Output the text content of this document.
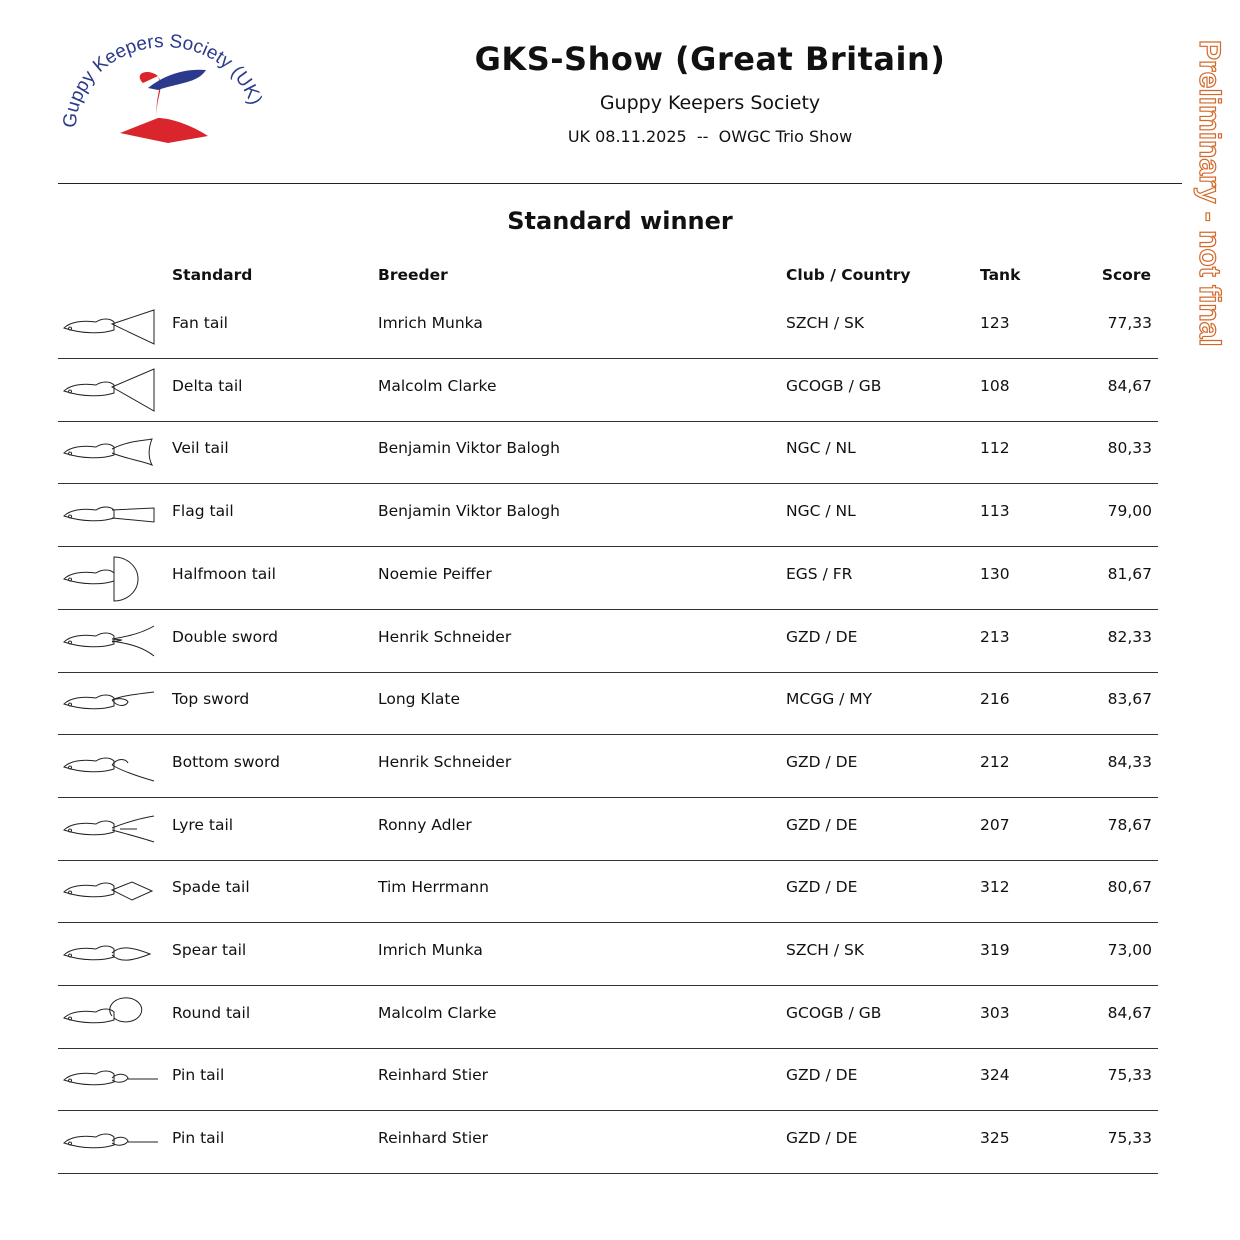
Guppy Keepers Society (UK)
GKS-Show (Great Britain)
Guppy Keepers Society
UK 08.11.2025  --  OWGC Trio Show	Preliminary - not final
Standard winner
Standard	Breeder	Club / Country	Tank	Score
Fan tail	Imrich Munka	SZCH / SK	123	77,33
Delta tail	Malcolm Clarke	GCOGB / GB	108	84,67
Veil tail	Benjamin Viktor Balogh	NGC / NL	112	80,33
Flag tail	Benjamin Viktor Balogh	NGC / NL	113	79,00
Halfmoon tail	Noemie Peiffer	EGS / FR	130	81,67
Double sword	Henrik Schneider	GZD / DE	213	82,33
Top sword	Long Klate	MCGG / MY	216	83,67
Bottom sword	Henrik Schneider	GZD / DE	212	84,33
Lyre tail	Ronny Adler	GZD / DE	207	78,67
Spade tail	Tim Herrmann	GZD / DE	312	80,67
Spear tail	Imrich Munka	SZCH / SK	319	73,00
Round tail	Malcolm Clarke	GCOGB / GB	303	84,67
Pin tail	Reinhard Stier	GZD / DE	324	75,33
Pin tail	Reinhard Stier	GZD / DE	325	75,33
